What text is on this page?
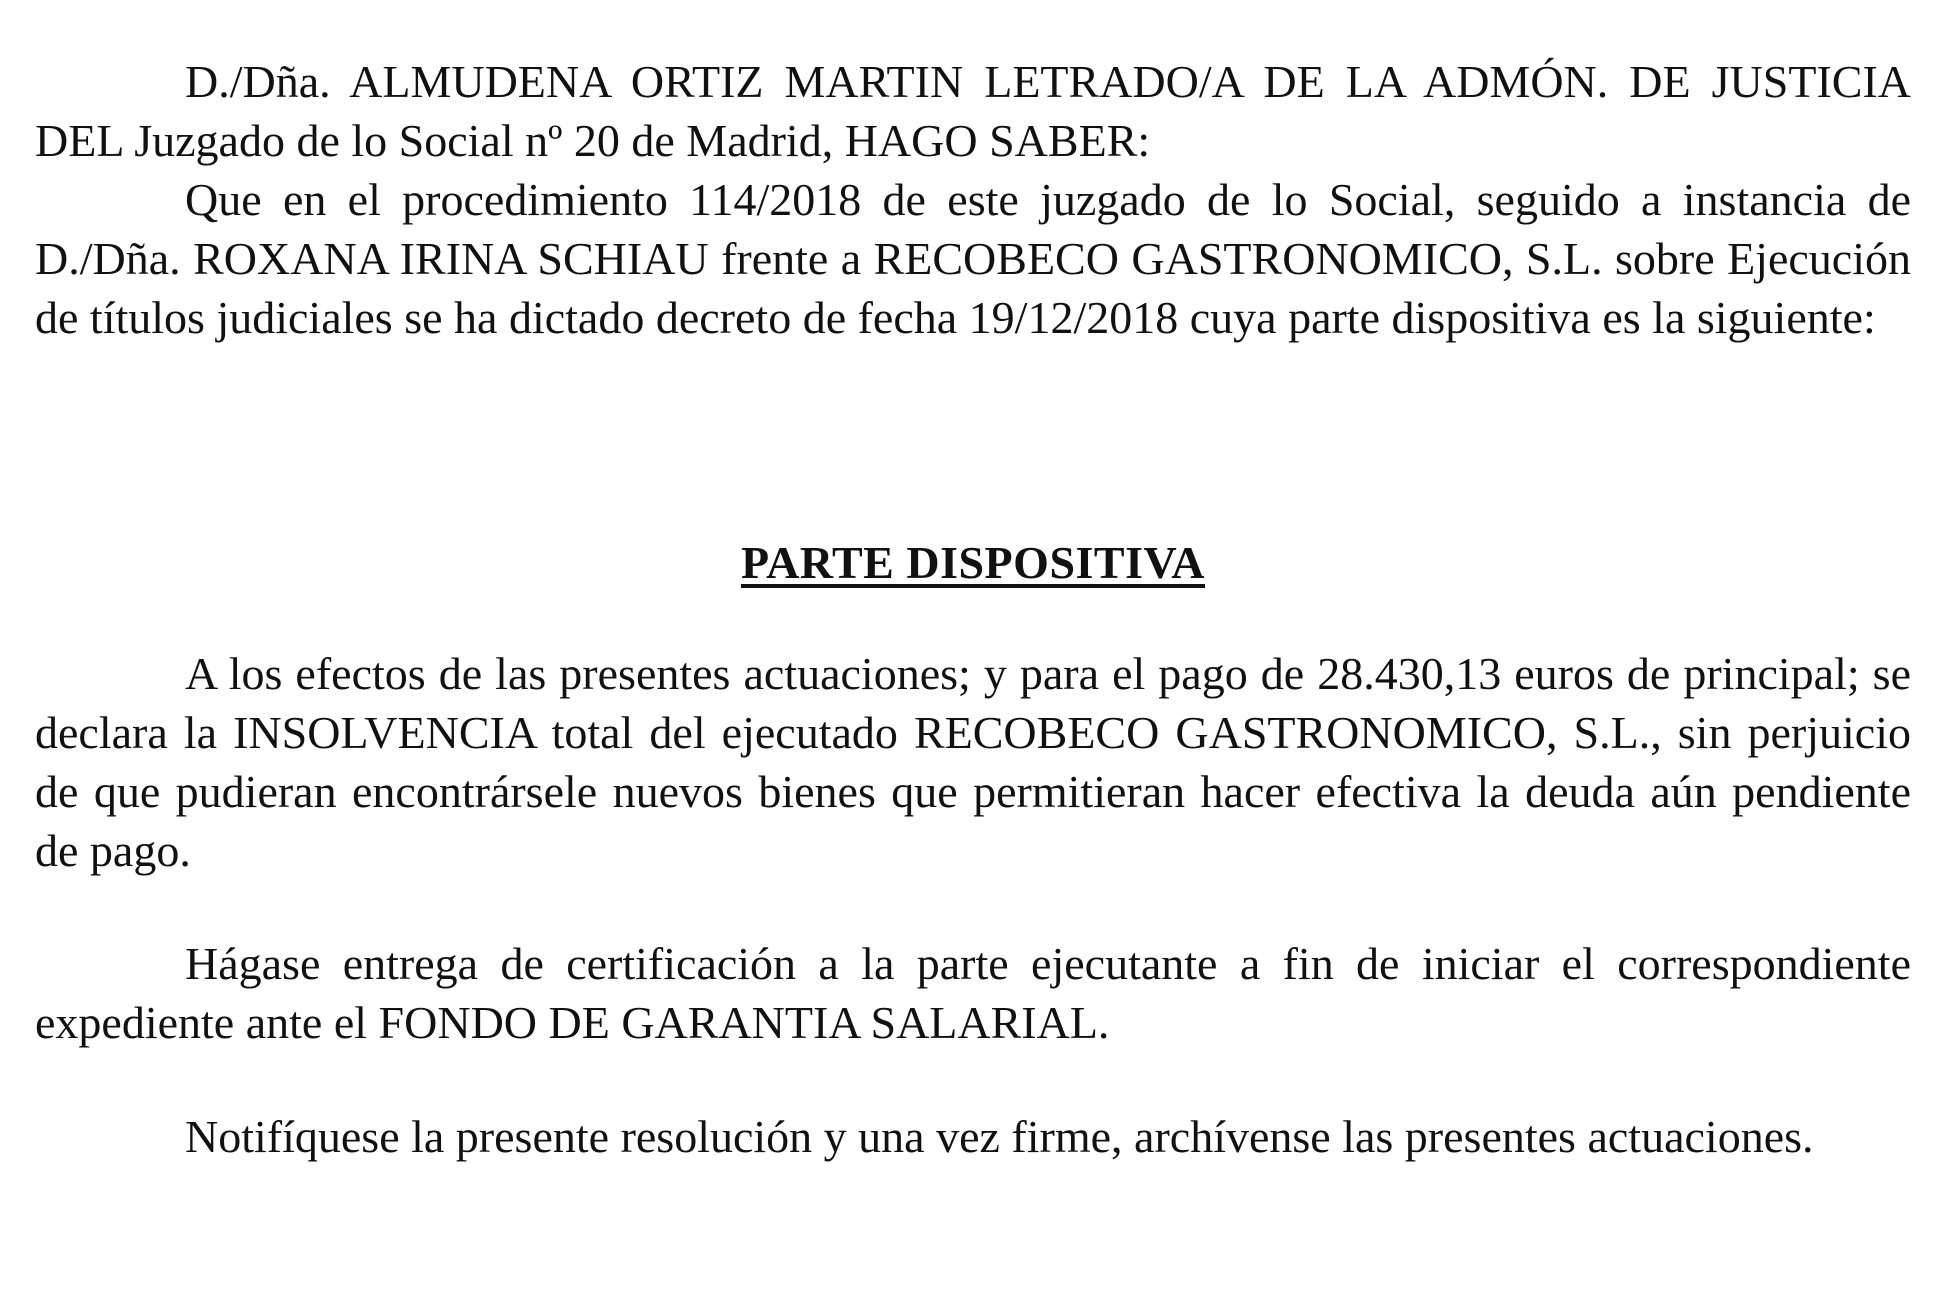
D./Dña. ALMUDENA ORTIZ MARTIN LETRADO/A DE LA ADMÓN. DE JUSTICIA DEL Juzgado de lo Social nº 20 de Madrid, HAGO SABER:

Que en el procedimiento 114/2018 de este juzgado de lo Social, seguido a instancia de D./Dña. ROXANA IRINA SCHIAU frente a RECOBECO GASTRONOMICO, S.L. sobre Ejecución de títulos judiciales se ha dictado decreto de fecha 19/12/2018 cuya parte dispositiva es la siguiente:

PARTE DISPOSITIVA

A los efectos de las presentes actuaciones; y para el pago de 28.430,13 euros de principal; se declara la INSOLVENCIA total del ejecutado RECOBECO GASTRONOMICO, S.L., sin perjuicio de que pudieran encontrársele nuevos bienes que permitieran hacer efectiva la deuda aún pendiente de pago.

Hágase entrega de certificación a la parte ejecutante a fin de iniciar el correspondiente expediente ante el FONDO DE GARANTIA SALARIAL.

Notifíquese la presente resolución y una vez firme, archívense las presentes actuaciones.
